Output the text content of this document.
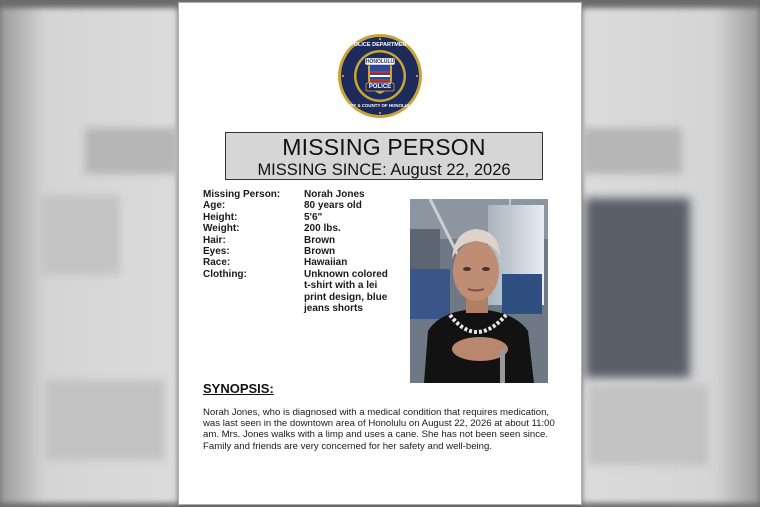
HONOLULU
POLICE
POLICE DEPARTMENT
CITY & COUNTY OF HONOLULU
MISSING PERSON
MISSING SINCE: August 22, 2026
Missing Person:	Norah Jones
Age:	80 years old
Height:	5'6"
Weight:	200 lbs.
Hair:	Brown
Eyes:	Brown
Race:	Hawaiian
Clothing:	Unknown colored t-shirt with a lei print design, blue jeans shorts
SYNOPSIS:
Norah Jones, who is diagnosed with a medical condition that requires medication, was last seen in the downtown area of Honolulu on August 22, 2026 at about 11:00 am. Mrs. Jones walks with a limp and uses a cane. She has not been seen since. Family and friends are very concerned for her safety and well-being.
